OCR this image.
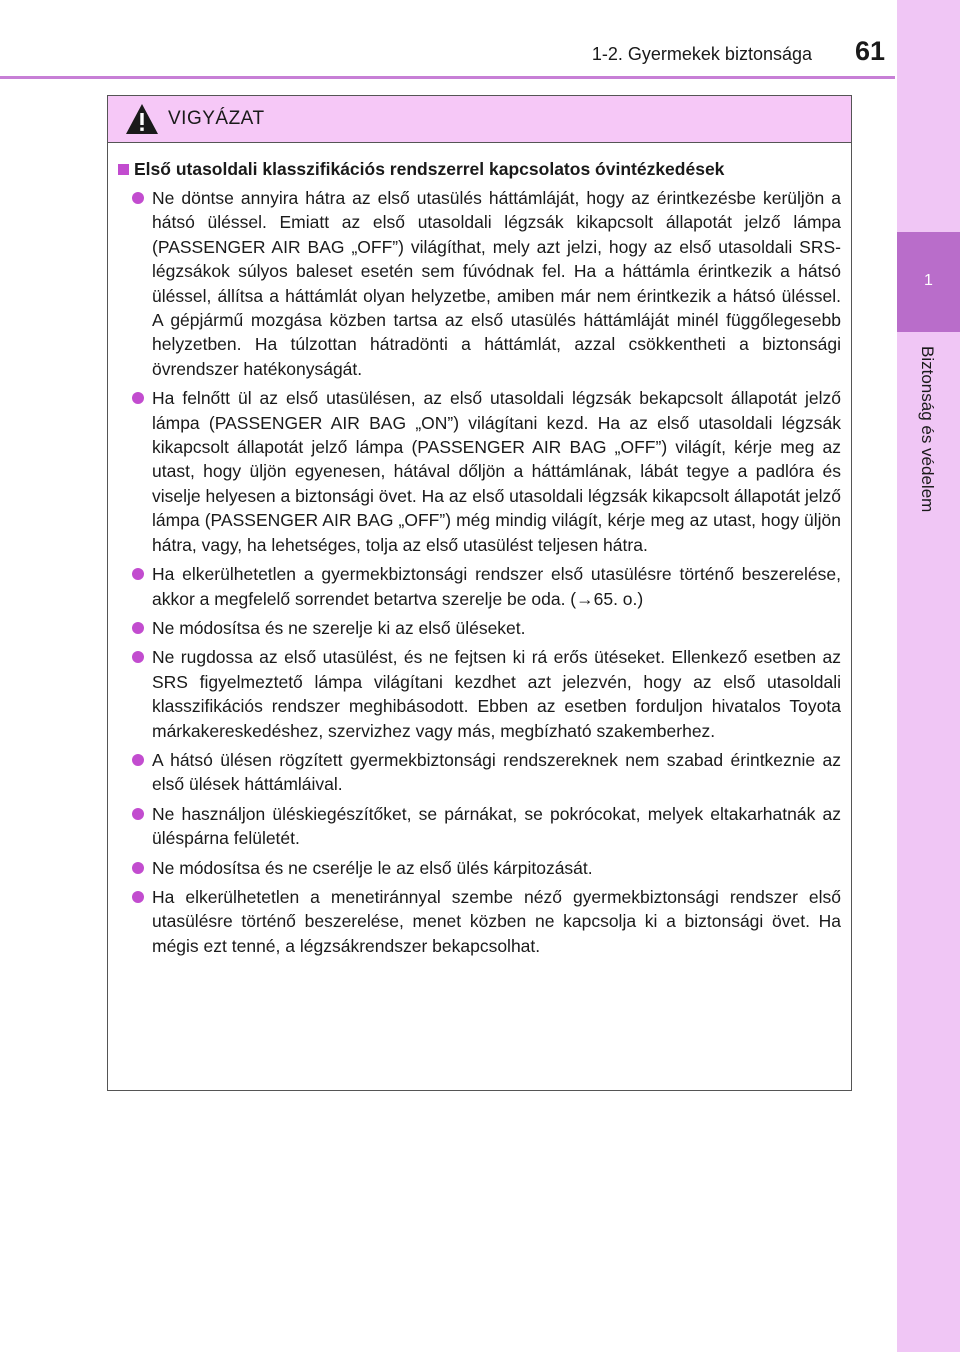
1-2. Gyermekek biztonsága	61
1
Biztonság és védelem
VIGYÁZAT
Első utasoldali klasszifikációs rendszerrel kapcsolatos óvintézkedések
Ne döntse annyira hátra az első utasülés háttámláját, hogy az érintkezésbe kerüljön a hátsó üléssel. Emiatt az első utasoldali légzsák kikapcsolt állapotát jelző lámpa (PASSENGER AIR BAG „OFF”) világíthat, mely azt jelzi, hogy az első utasoldali SRS-légzsákok súlyos baleset esetén sem fúvódnak fel. Ha a háttámla érintkezik a hátsó üléssel, állítsa a háttámlát olyan helyzetbe, amiben már nem érintkezik a hátsó üléssel. A gépjármű mozgása közben tartsa az első utasülés háttámláját minél függőlegesebb helyzetben. Ha túlzottan hátradönti a háttámlát, azzal csökkentheti a biztonsági övrendszer hatékonyságát.
Ha felnőtt ül az első utasülésen, az első utasoldali légzsák bekapcsolt állapotát jelző lámpa (PASSENGER AIR BAG „ON”) világítani kezd. Ha az első utasoldali légzsák kikapcsolt állapotát jelző lámpa (PASSENGER AIR BAG „OFF”) világít, kérje meg az utast, hogy üljön egyenesen, hátával dőljön a háttámlának, lábát tegye a padlóra és viselje helyesen a biztonsági övet. Ha az első utasoldali légzsák kikapcsolt állapotát jelző lámpa (PASSENGER AIR BAG „OFF”) még mindig világít, kérje meg az utast, hogy üljön hátra, vagy, ha lehetséges, tolja az első utasülést teljesen hátra.
Ha elkerülhetetlen a gyermekbiztonsági rendszer első utasülésre történő beszerelése, akkor a megfelelő sorrendet betartva szerelje be oda. (→65. o.)
Ne módosítsa és ne szerelje ki az első üléseket.
Ne rugdossa az első utasülést, és ne fejtsen ki rá erős ütéseket. Ellenkező esetben az SRS figyelmeztető lámpa világítani kezdhet azt jelezvén, hogy az első utasoldali klasszifikációs rendszer meghibásodott. Ebben az esetben forduljon hivatalos Toyota márkakereskedéshez, szervizhez vagy más, megbízható szakemberhez.
A hátsó ülésen rögzített gyermekbiztonsági rendszereknek nem szabad érintkeznie az első ülések háttámláival.
Ne használjon üléskiegészítőket, se párnákat, se pokrócokat, melyek eltakarhatnák az üléspárna felületét.
Ne módosítsa és ne cserélje le az első ülés kárpitozását.
Ha elkerülhetetlen a menetiránnyal szembe néző gyermekbiztonsági rendszer első utasülésre történő beszerelése, menet közben ne kapcsolja ki a biztonsági övet. Ha mégis ezt tenné, a légzsákrendszer bekapcsolhat.
